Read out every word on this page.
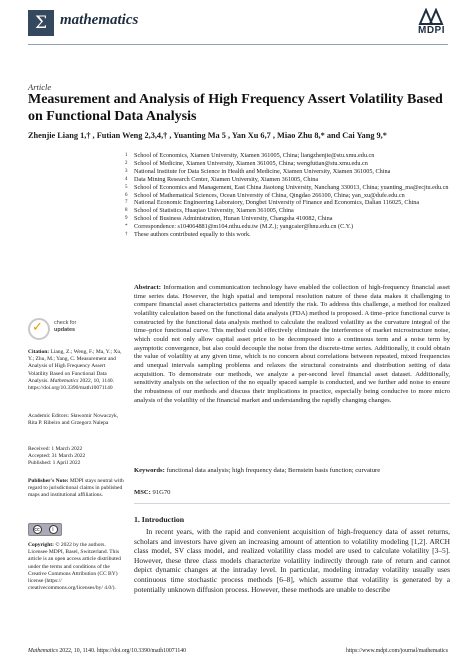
Σ mathematics
MDPI
Article
Measurement and Analysis of High Frequency Assert Volatility Based on Functional Data Analysis
Zhenjie Liang 1,† , Futian Weng 2,3,4,† , Yuanting Ma 5 , Yan Xu 6,7 , Miao Zhu 8,* and Cai Yang 9,*
1	School of Economics, Xiamen University, Xiamen 361005, China; liangzhenjie@stu.xmu.edu.cn
2	School of Medicine, Xiamen University, Xiamen 361005, China; wengfutian@stu.xmu.edu.cn
3	National Institute for Data Science in Health and Medicine, Xiamen University, Xiamen 361005, China
4	Data Mining Research Center, Xiamen University, Xiamen 361005, China
5	School of Economics and Management, East China Jiaotong University, Nanchang 330013, China; yuanting_ma@ecjtu.edu.cn
6	School of Mathematical Sciences, Ocean University of China, Qingdao 266100, China; yan_xu@dufe.edu.cn
7	National Economic Engineering Laboratory, Dongbei University of Finance and Economics, Dalian 116025, China
8	School of Statistics, Huaqiao University, Xiamen 361005, China
9	School of Business Administration, Hunan University, Changsha 410082, China
*	Correspondence: s104064881@m104.nthu.edu.tw (M.Z.); yangcaier@hnu.edu.cn (C.Y.)
†	These authors contributed equally to this work.
✓ check for
updates
Citation: Liang, Z.; Weng, F.; Ma, Y.; Xu, Y.; Zhu, M.; Yang, C. Measurement and Analysis of High Frequency Assert Volatility Based on Functional Data Analysis. Mathematics 2022, 10, 1140. https://doi.org/10.3390/math10071140
Academic Editors: Sławomir Nowaczyk, Rita P. Ribeiro and Grzegorz Nalepa
Received: 1 March 2022
Accepted: 31 March 2022
Published: 1 April 2022
Publisher's Note: MDPI stays neutral with regard to jurisdictional claims in published maps and institutional affiliations.
cc	i
Copyright: © 2022 by the authors. Licensee MDPI, Basel, Switzerland. This article is an open access article distributed under the terms and conditions of the Creative Commons Attribution (CC BY) license (https:// creativecommons.org/licenses/by/ 4.0/).
Abstract: Information and communication technology have enabled the collection of high-frequency financial asset time series data. However, the high spatial and temporal resolution nature of these data makes it challenging to compare financial asset characteristics patterns and identify the risk. To address this challenge, a method for realized volatility calculation based on the functional data analysis (FDA) method is proposed. A time–price functional curve is constructed by the functional data analysis method to calculate the realized volatility as the curvature integral of the time–price functional curve. This method could effectively eliminate the interference of market microstructure noise, which could not only allow capital asset price to be decomposed into a continuous term and a noise term by asymptotic convergence, but also could decouple the noise from the discrete-time series. Additionally, it could obtain the value of volatility at any given time, which is no concern about correlations between repeated, mixed frequencies and unequal intervals sampling problems and relaxes the structural constraints and distribution setting of data acquisition. To demonstrate our methods, we analyze a per-second level financial asset dataset. Additionally, sensitivity analysis on the selection of the no equally spaced sample is conducted, and we further add noise to ensure the robustness of our methods and discuss their implications in practice, especially being conducive to more micro analysis of the volatility of the financial market and understanding the rapidly changing changes.
Keywords: functional data analysis; high frequency data; Bernstein basis function; curvature
MSC: 91G70
1. Introduction
In recent years, with the rapid and convenient acquisition of high-frequency data of asset returns, scholars and investors have given an increasing amount of attention to volatility modeling [1,2]. ARCH class model, SV class model, and realized volatility class model are used to calculate volatility [3–5]. However, these three class models characterize volatility indirectly through rate of return and cannot depict dynamic changes at the intraday level. In particular, modeling intraday volatility usually uses continuous time stochastic process methods [6–8], which assume that volatility is generated by a potentially unknown diffusion process. However, these methods are unable to describe
Mathematics 2022, 10, 1140. https://doi.org/10.3390/math10071140	https://www.mdpi.com/journal/mathematics
